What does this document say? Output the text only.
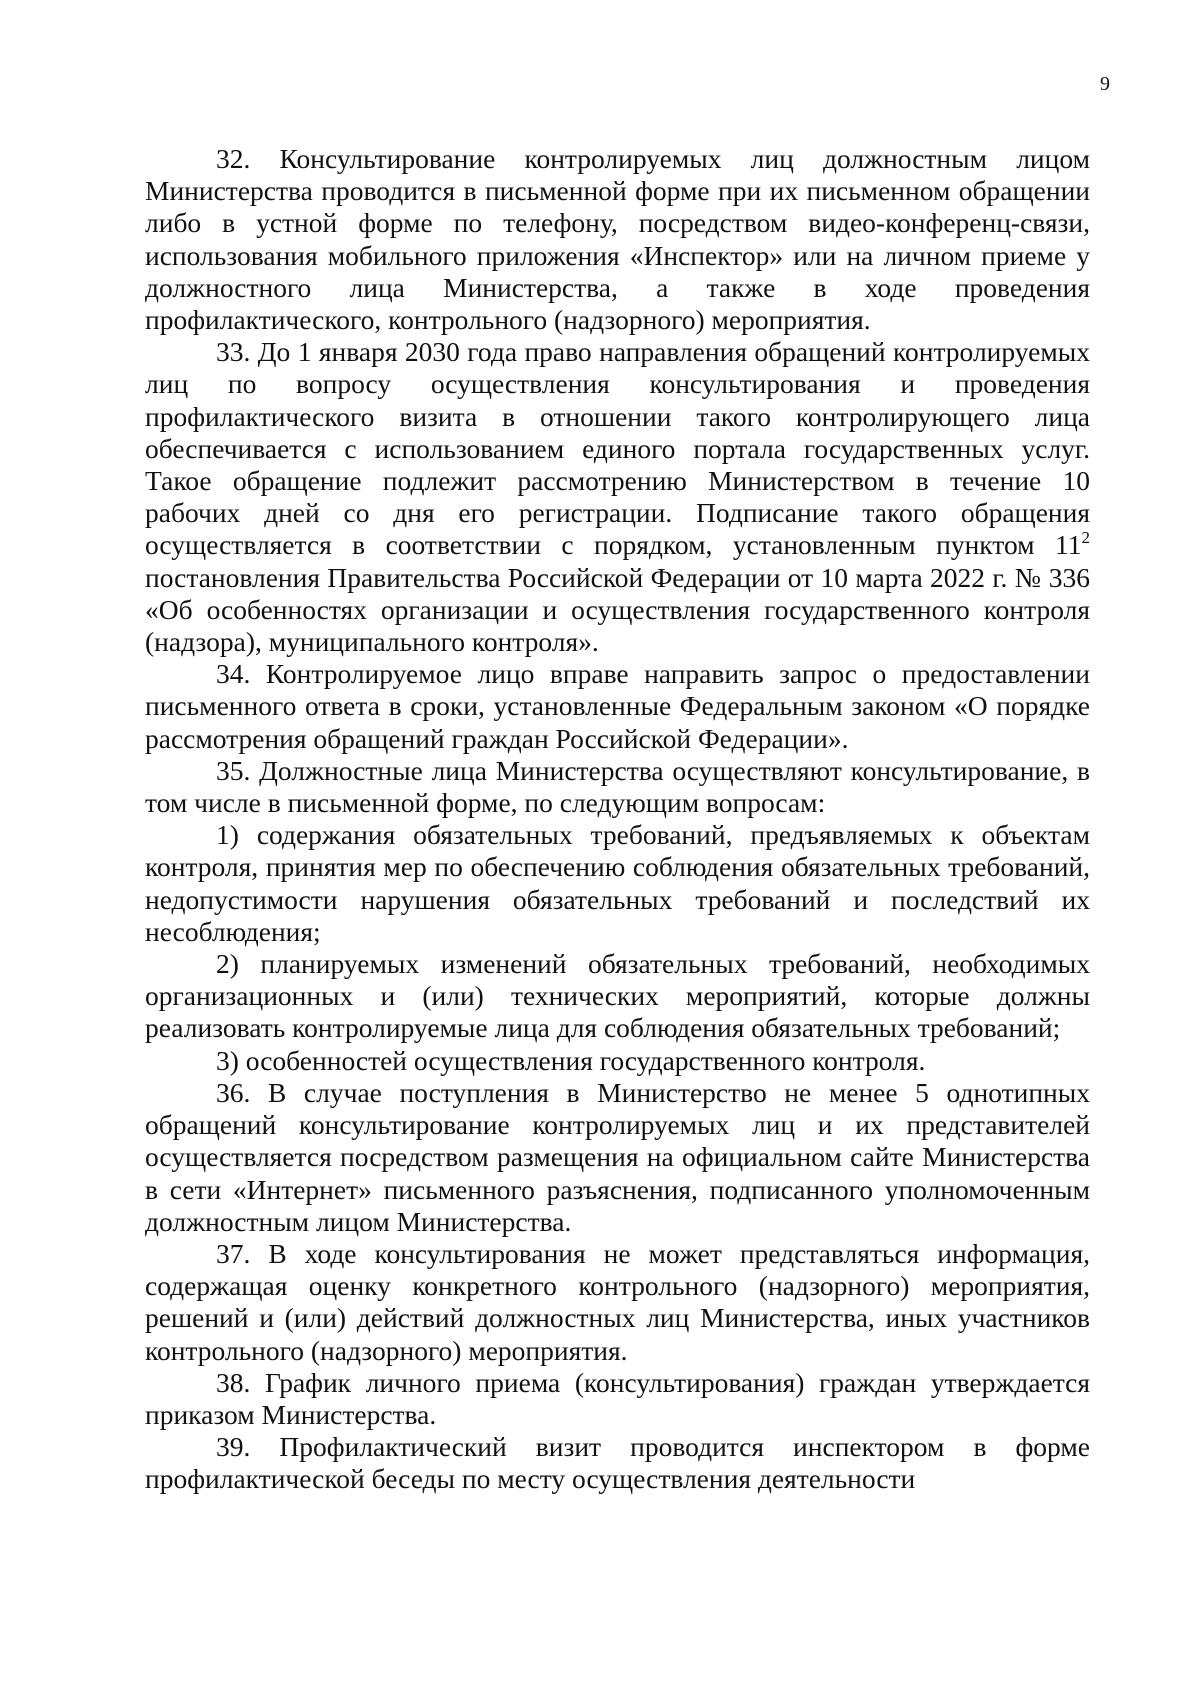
9

32. Консультирование контролируемых лиц должностным лицом Министерства проводится в письменной форме при их письменном обращении либо в устной форме по телефону, посредством видео-конференц-связи, использования мобильного приложения «Инспектор» или на личном приеме у должностного лица Министерства, а также в ходе проведения профилактического, контрольного (надзорного) мероприятия.

33. До 1 января 2030 года право направления обращений контролируемых лиц по вопросу осуществления консультирования и проведения профилактического визита в отношении такого контролирующего лица обеспечивается с использованием единого портала государственных услуг. Такое обращение подлежит рассмотрению Министерством в течение 10 рабочих дней со дня его регистрации. Подписание такого обращения осуществляется в соответствии с порядком, установленным пунктом $11^2$ постановления Правительства Российской Федерации от 10 марта 2022 г. № 336 «Об особенностях организации и осуществления государственного контроля (надзора), муниципального контроля».

34. Контролируемое лицо вправе направить запрос о предоставлении письменного ответа в сроки, установленные Федеральным законом «О порядке рассмотрения обращений граждан Российской Федерации».

35. Должностные лица Министерства осуществляют консультирование, в том числе в письменной форме, по следующим вопросам:

1) содержания обязательных требований, предъявляемых к объектам контроля, принятия мер по обеспечению соблюдения обязательных требований, недопустимости нарушения обязательных требований и последствий их несоблюдения;

2) планируемых изменений обязательных требований, необходимых организационных и (или) технических мероприятий, которые должны реализовать контролируемые лица для соблюдения обязательных требований;

3) особенностей осуществления государственного контроля.

36. В случае поступления в Министерство не менее 5 однотипных обращений консультирование контролируемых лиц и их представителей осуществляется посредством размещения на официальном сайте Министерства в сети «Интернет» письменного разъяснения, подписанного уполномоченным должностным лицом Министерства.

37. В ходе консультирования не может представляться информация, содержащая оценку конкретного контрольного (надзорного) мероприятия, решений и (или) действий должностных лиц Министерства, иных участников контрольного (надзорного) мероприятия.

38. График личного приема (консультирования) граждан утверждается приказом Министерства.

39. Профилактический визит проводится инспектором в форме профилактической беседы по месту осуществления деятельности
